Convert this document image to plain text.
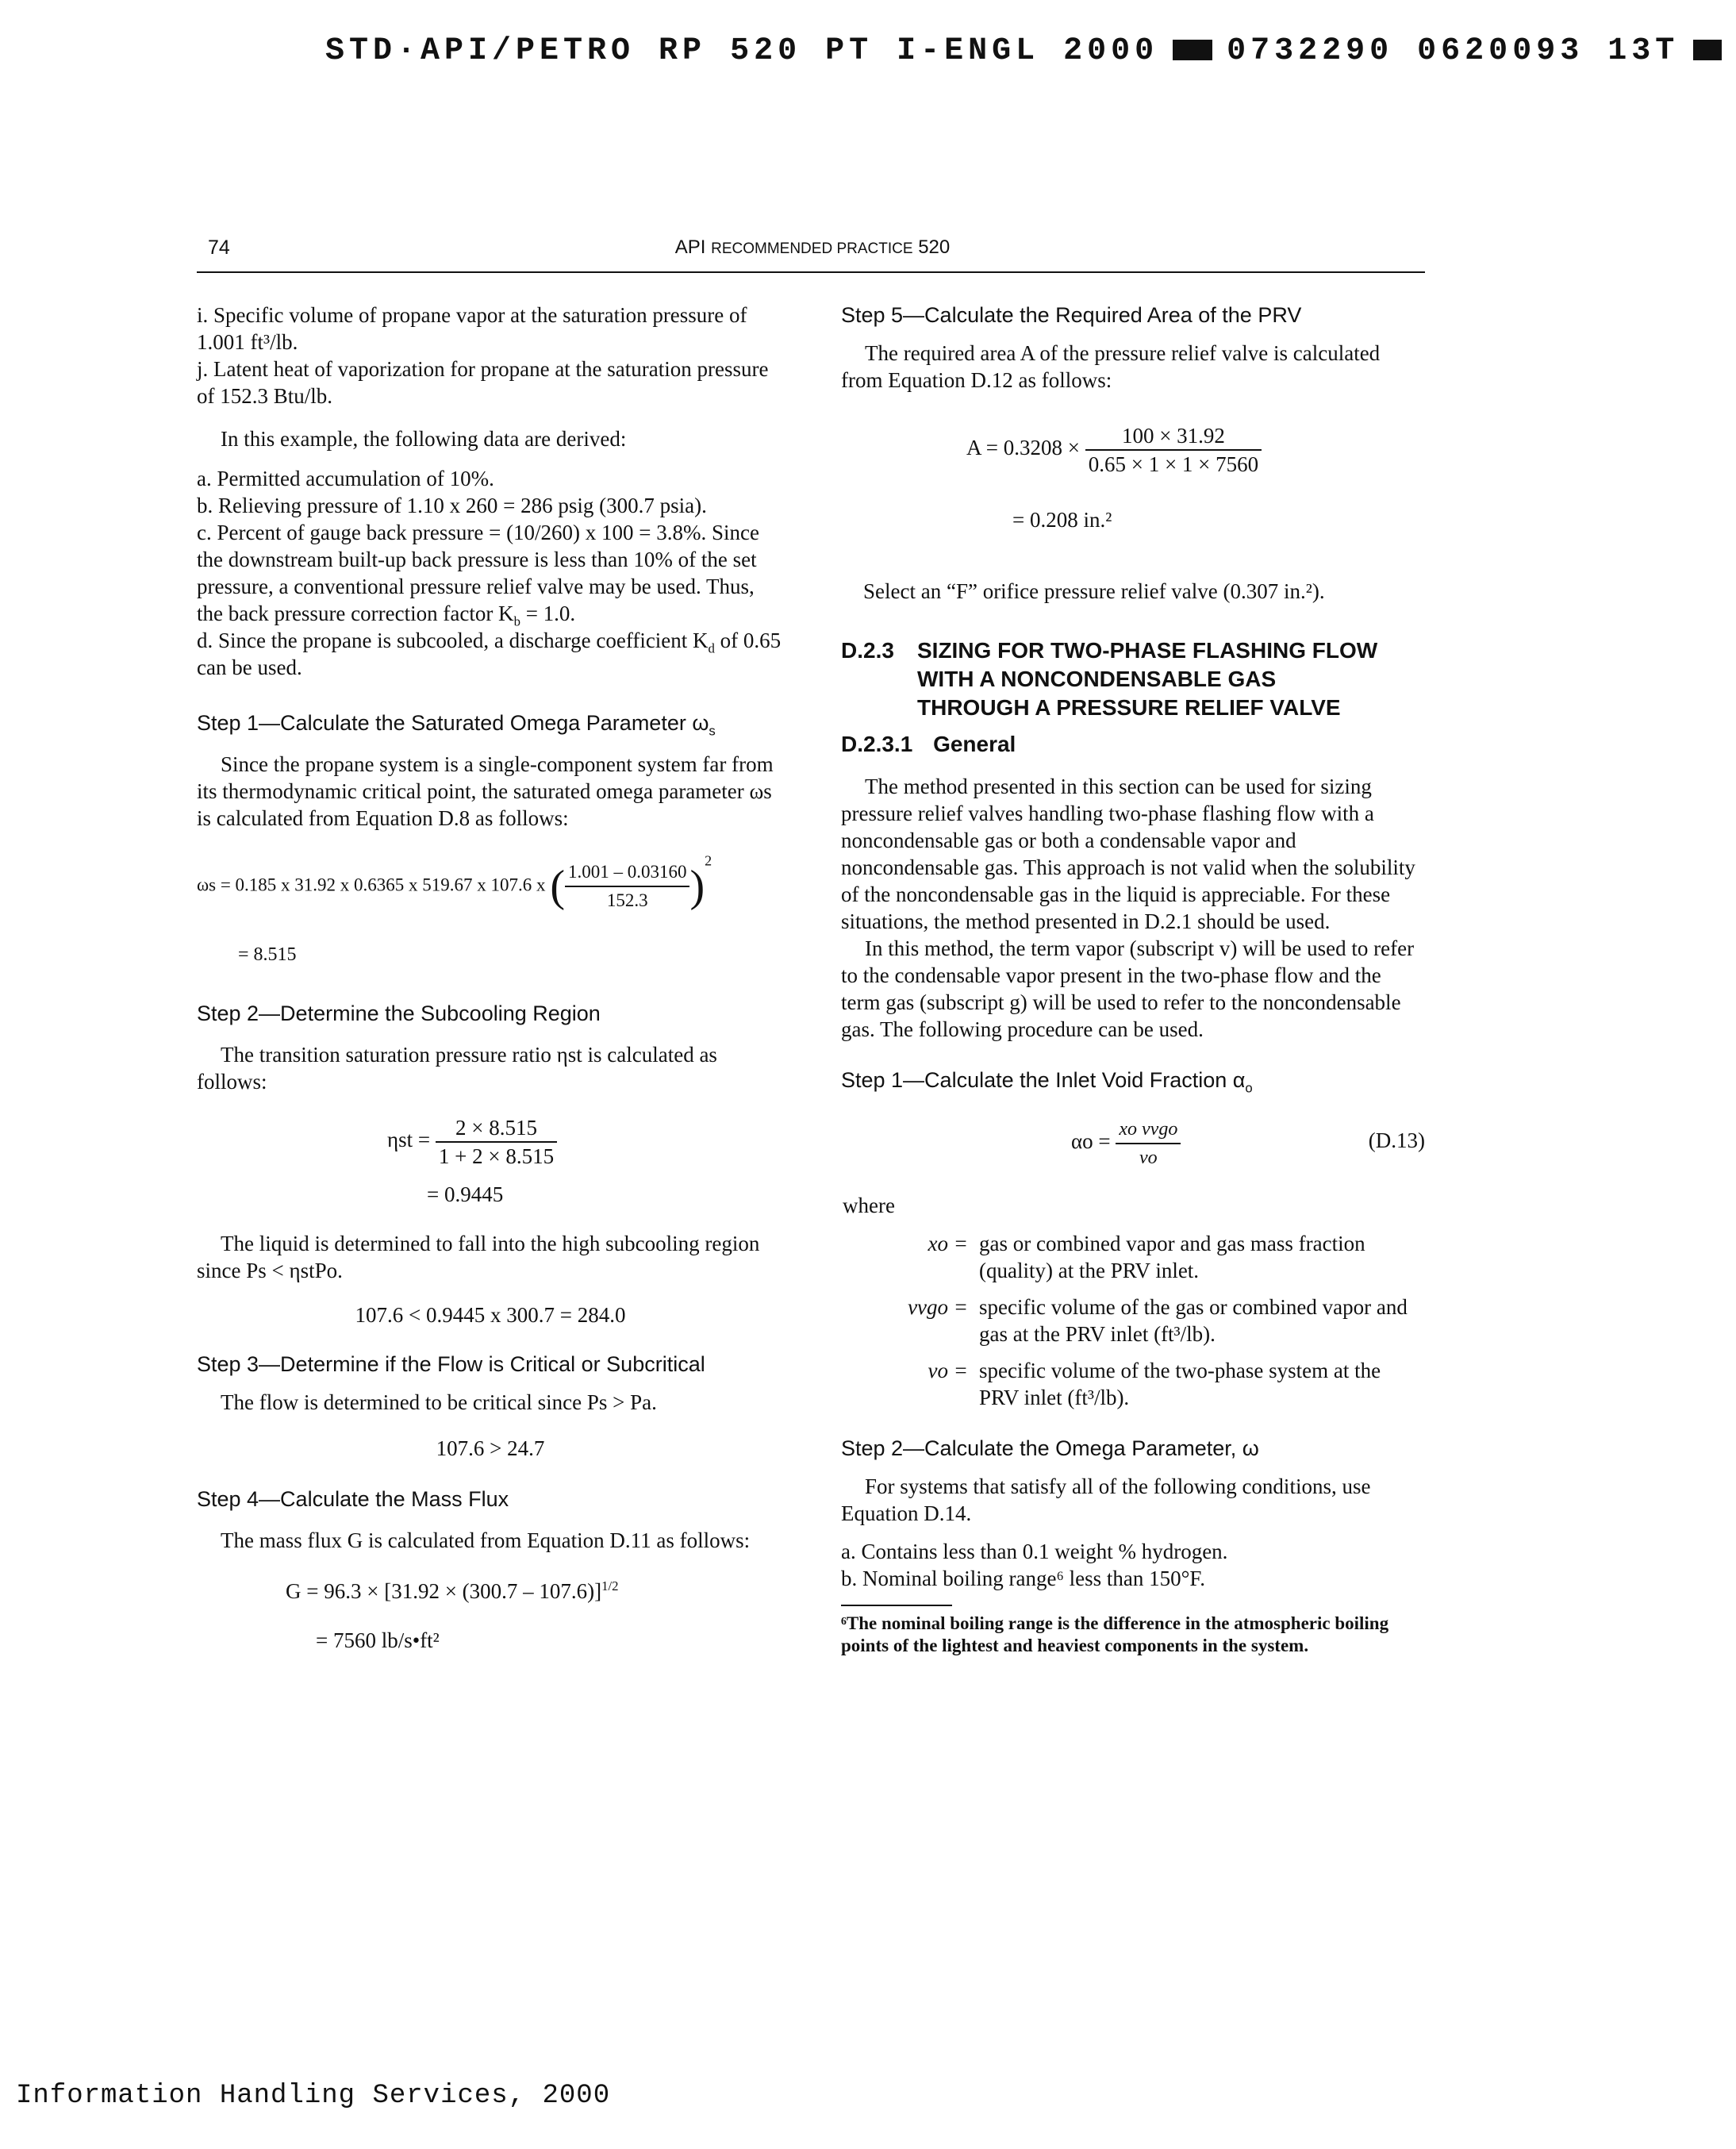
STD·API/PETRO RP 520 PT I-ENGL 2000 0732290 0620093 13T
74	API RECOMMENDED PRACTICE 520

i. Specific volume of propane vapor at the saturation pressure of 1.001 ft³/lb.

j. Latent heat of vaporization for propane at the saturation pressure of 152.3 Btu/lb.

In this example, the following data are derived:

a. Permitted accumulation of 10%.

b. Relieving pressure of 1.10 x 260 = 286 psig (300.7 psia).

c. Percent of gauge back pressure = (10/260) x 100 = 3.8%. Since the downstream built-up back pressure is less than 10% of the set pressure, a conventional pressure relief valve may be used. Thus, the back pressure correction factor $K_b = 1.0$.

d. Since the propane is subcooled, a discharge coefficient $K_d$ of 0.65 can be used.

Step 1—Calculate the Saturated Omega Parameter $\omega_s$

Since the propane system is a single-component system far from its thermodynamic critical point, the saturated omega parameter ωs is calculated from Equation D.8 as follows:

ωs = 0.185 x 31.92 x 0.6365 x 519.67 x 107.6 x ( $\frac{1.001 - 0.03160}{152.3} )^2$

= 8.515

Step 2—Determine the Subcooling Region

The transition saturation pressure ratio ηst is calculated as follows:

$\eta st = \frac{2 \times 8.515}{1 + 2 \times 8.515}$

= 0.9445

The liquid is determined to fall into the high subcooling region since Ps < ηstPo.

107.6 < 0.9445 x 300.7 = 284.0

Step 3—Determine if the Flow is Critical or Subcritical

The flow is determined to be critical since Ps > Pa.

107.6 > 24.7

Step 4—Calculate the Mass Flux

The mass flux G is calculated from Equation D.11 as follows:

$G = 96.3 \times [31.92 \times (300.7 - 107.6)]^{1/2}$

= 7560 lb/s•ft²

Step 5—Calculate the Required Area of the PRV

The required area A of the pressure relief valve is calculated from Equation D.12 as follows:

$A = 0.3208 \times \frac{100 \times 31.92}{0.65 \times 1 \times 1 \times 7560}$

= 0.208 in.²

Select an “F” orifice pressure relief valve (0.307 in.²).

D.2.3 SIZING FOR TWO-PHASE FLASHING FLOW
WITH A NONCONDENSABLE GAS
THROUGH A PRESSURE RELIEF VALVE
D.2.3.1 General

The method presented in this section can be used for sizing pressure relief valves handling two-phase flashing flow with a noncondensable gas or both a condensable vapor and noncondensable gas. This approach is not valid when the solubility of the noncondensable gas in the liquid is appreciable. For these situations, the method presented in D.2.1 should be used.

In this method, the term vapor (subscript v) will be used to refer to the condensable vapor present in the two-phase flow and the term gas (subscript g) will be used to refer to the noncondensable gas. The following procedure can be used.

Step 1—Calculate the Inlet Void Fraction $\alpha_o$

$\alpha o = \frac{\text{xo vvgo}}{vo}$	(D.13)

where

xo = gas or combined vapor and gas mass fraction (quality) at the PRV inlet.
vvgo = specific volume of the gas or combined vapor and gas at the PRV inlet (ft³/lb).
vo = specific volume of the two-phase system at the PRV inlet (ft³/lb).

Step 2—Calculate the Omega Parameter, ω

For systems that satisfy all of the following conditions, use Equation D.14.

a. Contains less than 0.1 weight % hydrogen.

b. Nominal boiling range⁶ less than 150°F.

⁶The nominal boiling range is the difference in the atmospheric boiling points of the lightest and heaviest components in the system.

Information Handling Services, 2000
